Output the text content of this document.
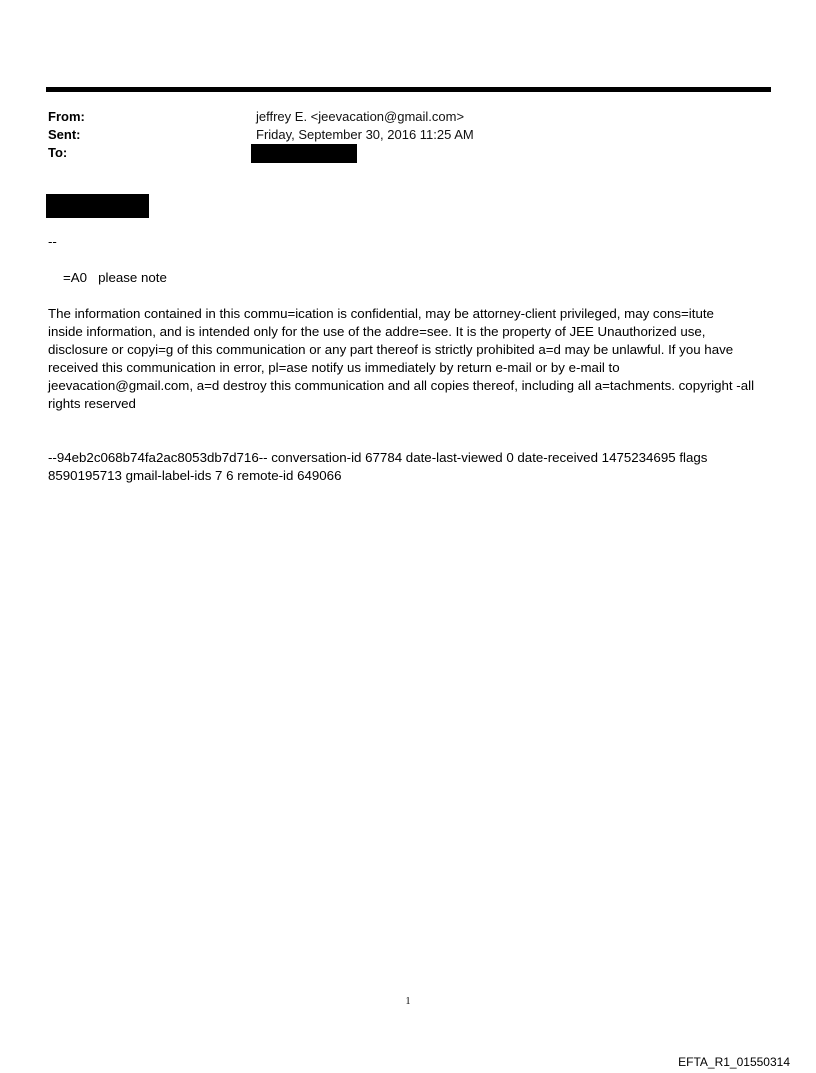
From:	jeffrey E. <jeevacation@gmail.com>
Sent:	Friday, September 30, 2016 11:25 AM
To:
--
=A0   please note
The information contained in this commu=ication is confidential, may be attorney-client privileged, may cons=itute
inside information, and is intended only for the use of the addre=see. It is the property of JEE Unauthorized use,
disclosure or copyi=g of this communication or any part thereof is strictly prohibited a=d may be unlawful. If you have
received this communication in error, pl=ase notify us immediately by return e-mail or by e-mail to
jeevacation@gmail.com, a=d destroy this communication and all copies thereof, including all a=tachments. copyright -all
rights reserved
--94eb2c068b74fa2ac8053db7d716-- conversation-id 67784 date-last-viewed 0 date-received 1475234695 flags
8590195713 gmail-label-ids 7 6 remote-id 649066
1
EFTA_R1_01550314
